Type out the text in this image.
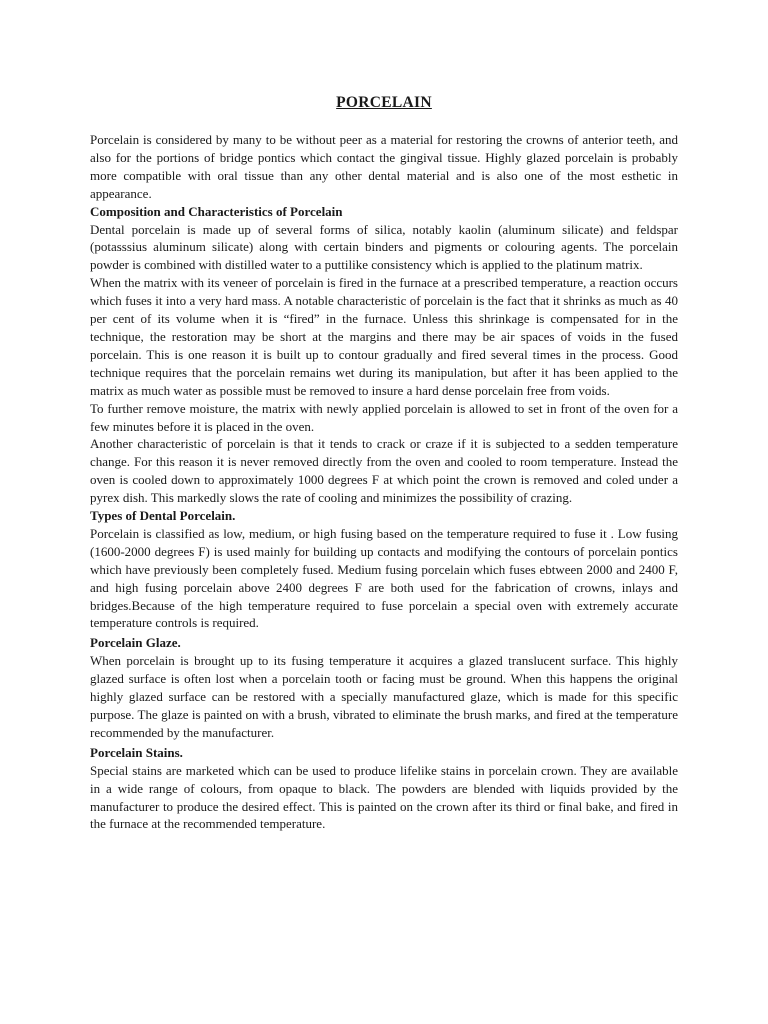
PORCELAIN

Porcelain is considered by many to be without peer as a material for restoring the crowns of anterior teeth, and also for the portions of bridge pontics which contact the gingival tissue. Highly glazed porcelain is probably more compatible with oral tissue than any other dental material and is also one of the most esthetic in appearance.

Composition and Characteristics of Porcelain

Dental porcelain is made up of several forms of silica, notably kaolin (aluminum silicate) and feldspar (potasssius aluminum silicate) along with certain binders and pigments or colouring agents. The porcelain powder is combined with distilled water to a puttilike consistency which is applied to the platinum matrix.

When the matrix with its veneer of porcelain is fired in the furnace at a prescribed temperature, a reaction occurs which fuses it into a very hard mass. A notable characteristic of porcelain is the fact that it shrinks as much as 40 per cent of its volume when it is “fired” in the furnace. Unless this shrinkage is compensated for in the technique, the restoration may be short at the margins and there may be air spaces of voids in the fused porcelain. This is one reason it is built up to contour gradually and fired several times in the process. Good technique requires that the porcelain remains wet during its manipulation, but after it has been applied to the matrix as much water as possible must be removed to insure a hard dense porcelain free from voids.

To further remove moisture, the matrix with newly applied porcelain is allowed to set in front of the oven for a few minutes before it is placed in the oven.

Another characteristic of porcelain is that it tends to crack or craze if it is subjected to a sedden temperature change. For this reason it is never removed directly from the oven and cooled to room temperature. Instead the oven is cooled down to approximately 1000 degrees F at which point the crown is removed and coled under a pyrex dish. This markedly slows the rate of cooling and minimizes the possibility of crazing.

Types of Dental Porcelain.

Porcelain is classified as low, medium, or high fusing based on the temperature required to fuse it . Low fusing (1600-2000 degrees F) is used mainly for building up contacts and modifying the contours of porcelain pontics which have previously been completely fused. Medium fusing porcelain which fuses ebtween 2000 and 2400 F, and high fusing porcelain above 2400 degrees F are both used for the fabrication of crowns, inlays and bridges.Because of the high temperature required to fuse porcelain a special oven with extremely accurate temperature controls is required.

Porcelain Glaze.

When porcelain is brought up to its fusing temperature it acquires a glazed translucent surface. This highly glazed surface is often lost when a porcelain tooth or facing must be ground. When this happens the original highly glazed surface can be restored with a specially manufactured glaze, which is made for this specific purpose. The glaze is painted on with a brush, vibrated to eliminate the brush marks, and fired at the temperature recommended by the manufacturer.

Porcelain Stains.

Special stains are marketed which can be used to produce lifelike stains in porcelain crown. They are available in a wide range of colours, from opaque to black. The powders are blended with liquids provided by the manufacturer to produce the desired effect. This is painted on the crown after its third or final bake, and fired in the furnace at the recommended temperature.
